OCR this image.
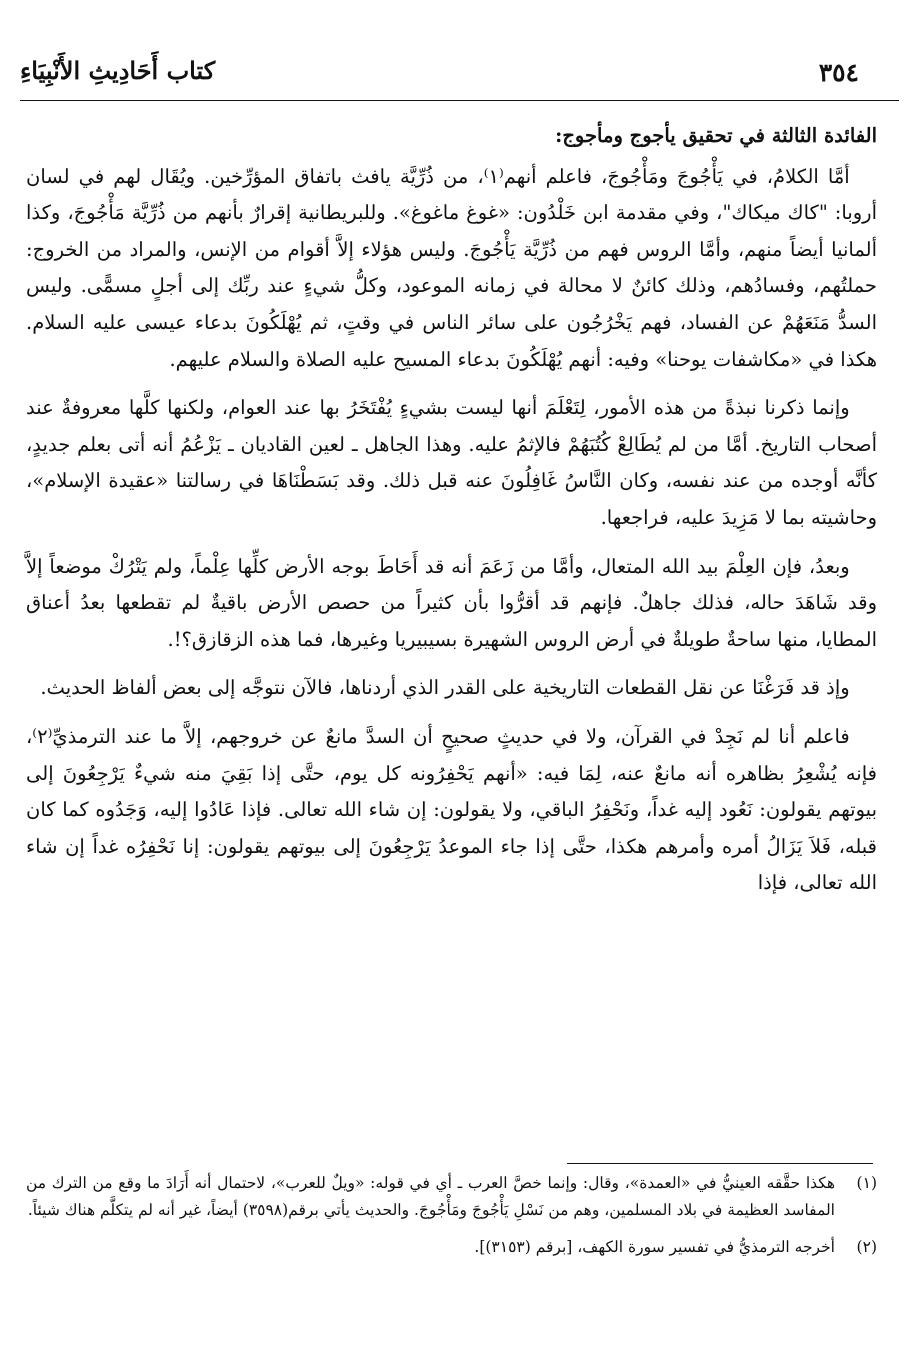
٣٥٤
كتاب أَحَادِيثِ الأَنْبِيَاءِ
الفائدة الثالثة في تحقيق يأجوج ومأجوج:

أمَّا الكلامُ، في يَأْجُوجَ ومَأْجُوجَ، فاعلم أنهم⁽١⁾، من ذُرِّيَّة يافث باتفاق المؤرِّخين. ويُقَال لهم في لسان أروبا: "كاك ميكاك"، وفي مقدمة ابن خَلْدُون: «غوغ ماغوغ». وللبريطانية إقرارٌ بأنهم من ذُرِّيَّة مَأْجُوجَ، وكذا ألمانيا أيضاً منهم، وأمَّا الروس فهم من ذُرِّيَّة يَأْجُوجَ. وليس هؤلاء إلاَّ أقوام من الإنس، والمراد من الخروج: حملتُهم، وفسادُهم، وذلك كائنٌ لا محالة في زمانه الموعود، وكلُّ شيءٍ عند ربِّك إلى أجلٍ مسمًّى. وليس السدُّ مَنَعَهُمْ عن الفساد، فهم يَخْرُجُون على سائر الناس في وقتٍ، ثم يُهْلَكُونَ بدعاء عيسى عليه السلام. هكذا في «مكاشفات يوحنا» وفيه: أنهم يُهْلَكُونَ بدعاء المسيح عليه الصلاة والسلام عليهم.

وإنما ذكرنا نبذةً من هذه الأمور، لِتَعْلَمَ أنها ليست بشيءٍ يُفْتَخَرُ بها عند العوام، ولكنها كلَّها معروفةٌ عند أصحاب التاريخ. أمَّا من لم يُطَالِعْ كُتُبَهُمْ فالإثمُ عليه. وهذا الجاهل ـ لعين القاديان ـ يَزْعُمُ أنه أتى بعلم جديدٍ، كأنَّه أوجده من عند نفسه، وكان النَّاسُ غَافِلُونَ عنه قبل ذلك. وقد بَسَطْنَاهَا في رسالتنا «عقيدة الإسلام»، وحاشيته بما لا مَزِيدَ عليه، فراجعها.

وبعدُ، فإن العِلْمَ بيد الله المتعال، وأمَّا من زَعَمَ أنه قد أَحَاطَ بوجه الأرض كلِّها عِلْماً، ولم يَتْرُكْ موضعاً إلاَّ وقد شَاهَدَ حاله، فذلك جاهلٌ. فإنهم قد أقرُّوا بأن كثيراً من حصص الأرض باقيةٌ لم تقطعها بعدُ أعناق المطايا، منها ساحةٌ طويلةٌ في أرض الروس الشهيرة بسيبيريا وغيرها، فما هذه الزقازق؟!.

وإذ قد فَرَغْنَا عن نقل القطعات التاريخية على القدر الذي أردناها، فالآن نتوجَّه إلى بعض ألفاظ الحديث.

فاعلم أنا لم نَجِدْ في القرآن، ولا في حديثٍ صحيحٍ أن السدَّ مانعٌ عن خروجهم، إلاَّ ما عند الترمذيِّ⁽٢⁾، فإنه يُشْعِرُ بظاهره أنه مانعٌ عنه، لِمَا فيه: «أنهم يَحْفِرُونه كل يوم، حتَّى إذا بَقِيَ منه شيءٌ يَرْجِعُونَ إلى بيوتهم يقولون: نَعُود إليه غداً، ونَحْفِرُ الباقي، ولا يقولون: إن شاء الله تعالى. فإذا عَادُوا إليه، وَجَدُوه كما كان قبله، فَلاَ يَزَالُ أمره وأمرهم هكذا، حتَّى إذا جاء الموعدُ يَرْجِعُونَ إلى بيوتهم يقولون: إنا نَحْفِرُه غداً إن شاء الله تعالى، فإذا

(١)
هكذا حقَّقه العينيُّ في «العمدة»، وقال: وإنما خصَّ العرب ـ أي في قوله: «ويلٌ للعرب»، لاحتمال أنه أَرَادَ ما وقع من الترك من المفاسد العظيمة في بلاد المسلمين، وهم من نَسْلِ يَأْجُوجَ ومَأْجُوجَ. والحديث يأتي برقم(٣٥٩٨) أيضاً، غير أنه لم يتكلَّم هناك شيئاً.
(٢)
أخرجه الترمذيُّ في تفسير سورة الكهف، [برقم (٣١٥٣)].
